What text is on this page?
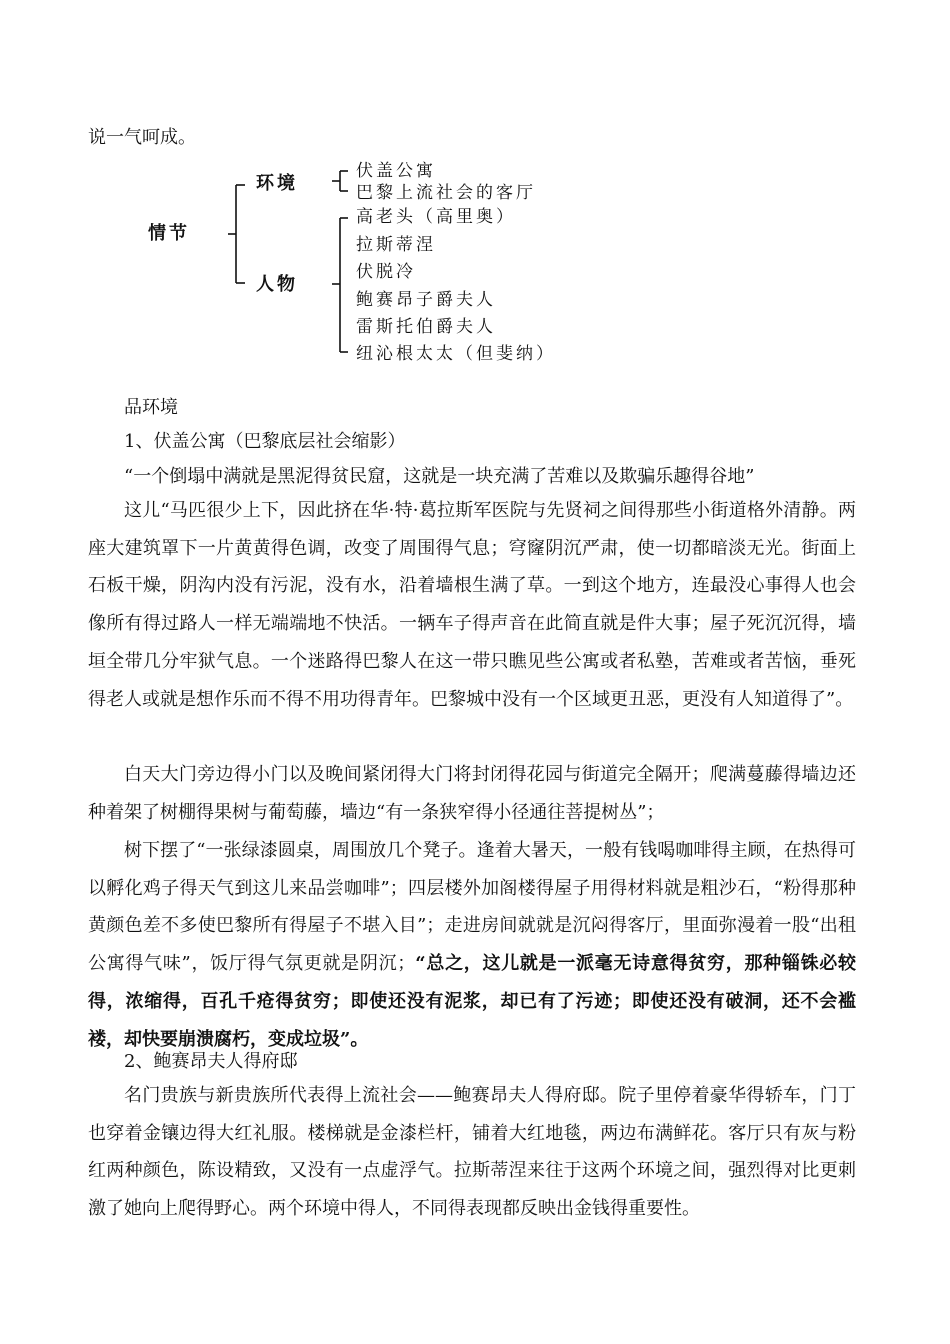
说一气呵成。
情节
环境
人物
伏盖公寓
巴黎上流社会的客厅
高老头（高里奥）
拉斯蒂涅
伏脱冷
鲍赛昂子爵夫人
雷斯托伯爵夫人
纽沁根太太（但斐纳）
品环境
1、伏盖公寓（巴黎底层社会缩影）
“一个倒塌中满就是黑泥得贫民窟，这就是一块充满了苦难以及欺骗乐趣得谷地”

这儿“马匹很少上下，因此挤在华·特·葛拉斯军医院与先贤祠之间得那些小街道格外清静。两座大建筑罩下一片黄黄得色调，改变了周围得气息；穹窿阴沉严肃，使一切都暗淡无光。街面上石板干燥，阴沟内没有污泥，没有水，沿着墙根生满了草。一到这个地方，连最没心事得人也会像所有得过路人一样无端端地不快活。一辆车子得声音在此简直就是件大事；屋子死沉沉得，墙垣全带几分牢狱气息。一个迷路得巴黎人在这一带只瞧见些公寓或者私塾，苦难或者苦恼，垂死得老人或就是想作乐而不得不用功得青年。巴黎城中没有一个区域更丑恶，更没有人知道得了”。

白天大门旁边得小门以及晚间紧闭得大门将封闭得花园与街道完全隔开；爬满蔓藤得墙边还种着架了树棚得果树与葡萄藤，墙边“有一条狭窄得小径通往菩提树丛”；

树下摆了“一张绿漆圆桌，周围放几个凳子。逢着大暑天，一般有钱喝咖啡得主顾，在热得可以孵化鸡子得天气到这儿来品尝咖啡”；四层楼外加阁楼得屋子用得材料就是粗沙石，“粉得那种黄颜色差不多使巴黎所有得屋子不堪入目”；走进房间就就是沉闷得客厅，里面弥漫着一股“出租公寓得气味”，饭厅得气氛更就是阴沉；“总之，这儿就是一派毫无诗意得贫穷，那种锱铢必较得，浓缩得，百孔千疮得贫穷；即使还没有泥浆，却已有了污迹；即使还没有破洞，还不会褴褛，却快要崩溃腐朽，变成垃圾”。

2、鲍赛昂夫人得府邸

名门贵族与新贵族所代表得上流社会——鲍赛昂夫人得府邸。院子里停着豪华得轿车，门丁也穿着金镶边得大红礼服。楼梯就是金漆栏杆，铺着大红地毯，两边布满鲜花。客厅只有灰与粉红两种颜色，陈设精致，又没有一点虚浮气。拉斯蒂涅来往于这两个环境之间，强烈得对比更刺激了她向上爬得野心。两个环境中得人，不同得表现都反映出金钱得重要性。
